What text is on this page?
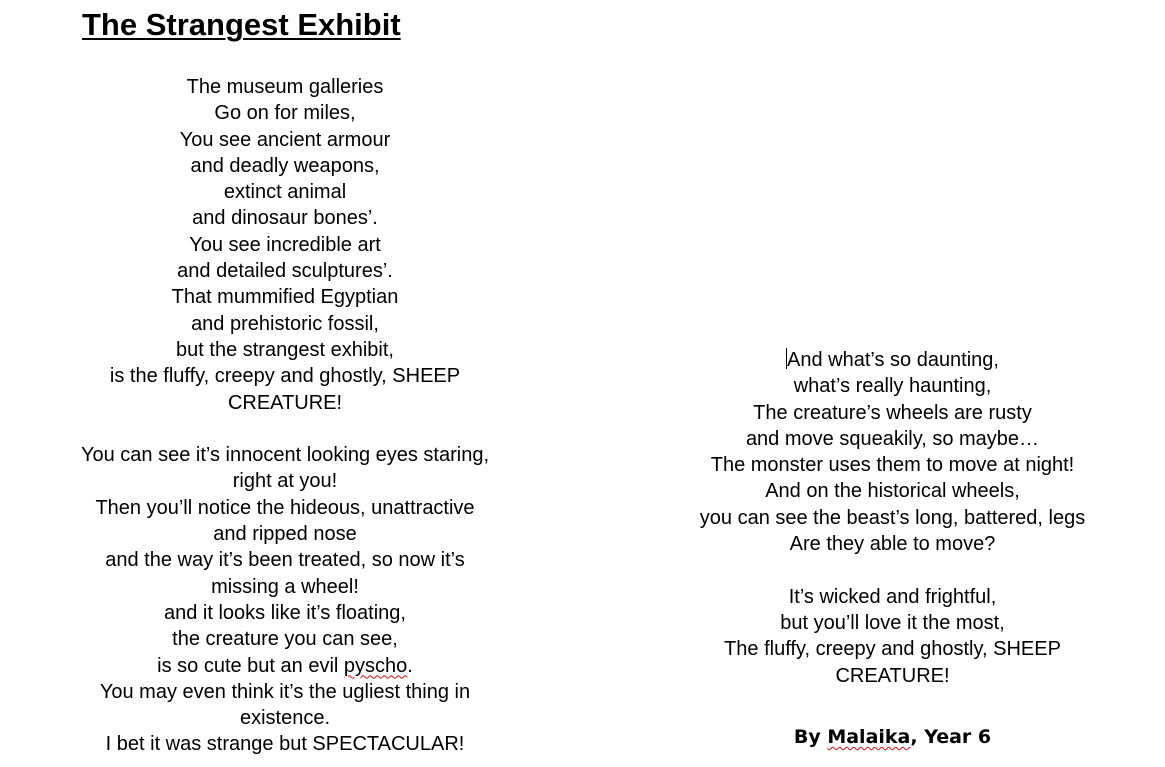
The Strangest Exhibit
The museum galleries
Go on for miles,
You see ancient armour
and deadly weapons,
extinct animal
and dinosaur bones’.
You see incredible art
and detailed sculptures’.
That mummified Egyptian
and prehistoric fossil,
but the strangest exhibit,
is the fluffy, creepy and ghostly, SHEEP
CREATURE!
You can see it’s innocent looking eyes staring,
right at you!
Then you’ll notice the hideous, unattractive
and ripped nose
and the way it’s been treated, so now it’s
missing a wheel!
and it looks like it’s floating,
the creature you can see,
is so cute but an evil pyscho.
You may even think it’s the ugliest thing in
existence.
I bet it was strange but SPECTACULAR!
And what’s so daunting,
what’s really haunting,
The creature’s wheels are rusty
and move squeakily, so maybe…
The monster uses them to move at night!
And on the historical wheels,
you can see the beast’s long, battered, legs
Are they able to move?
It’s wicked and frightful,
but you’ll love it the most,
The fluffy, creepy and ghostly, SHEEP
CREATURE!
By Malaika, Year 6
